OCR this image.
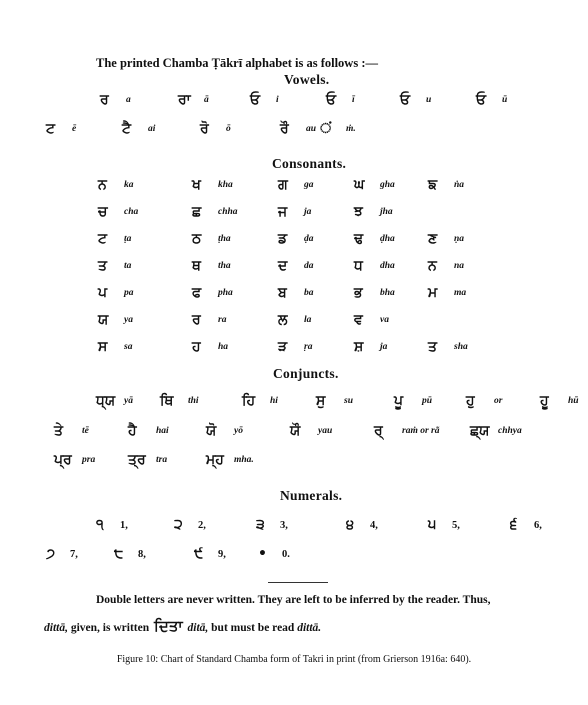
The printed Chamba Ṭākrī alphabet is as follows :—
Vowels.
ਰ a	ਰਾ ā	ਓ i	ਓ ī	ਓ u	ਓ ū
ਟ ē	ਟੈ ai	ਰੋ ō	ਰੌ au ਂ ṁ.
Consonants.
ਨ ka	ਖ kha	ਗ ga	ਘ gha ਙ ṅa
ਚ cha	ਛ chha	ਜ ja	ਝ jha
ਟ ṭa	ਠ ṭha	ਡ ḍa	ਢ ḍha ਣ ṇa
ਤ ta	ਥ tha	ਦ da	ਧ dha ਨ na
ਪ pa	ਫ pha	ਬ ba	ਭ bha ਮ ma
ਯ ya	ਰ ra	ਲ la	ਵ va
ਸ sa	ਹ ha	ੜ ṛa	ਸ਼ ja	ਤ sha
Conjuncts.
ਧ੍ਯ yā ਥਿ thi	ਹਿ hi	ਸੁ su	ਪੂ pū ਹੁ or	ਹੂ hū
ਤੇ tē	ਹੈ hai	ਯੋ yō	ਯੌ yau	ਰ੍ raṁ or rã ਛ੍ਯ chhya
ਪ੍ਰ pra ਤ੍ਰ tra	ਮ੍ਹ mha.
Numerals.
੧ 1,	੨ 2,	੩ 3,	੪ 4,	੫ 5,	੬ 6,
੭ 7,	੮ 8,	੯ 9, • 0.
Double letters are never written. They are left to be inferred by the reader. Thus,
dittā, given, is written ਦਿਤਾ ditā, but must be read dittā.
Figure 10: Chart of Standard Chamba form of Takri in print (from Grierson 1916a: 640).
